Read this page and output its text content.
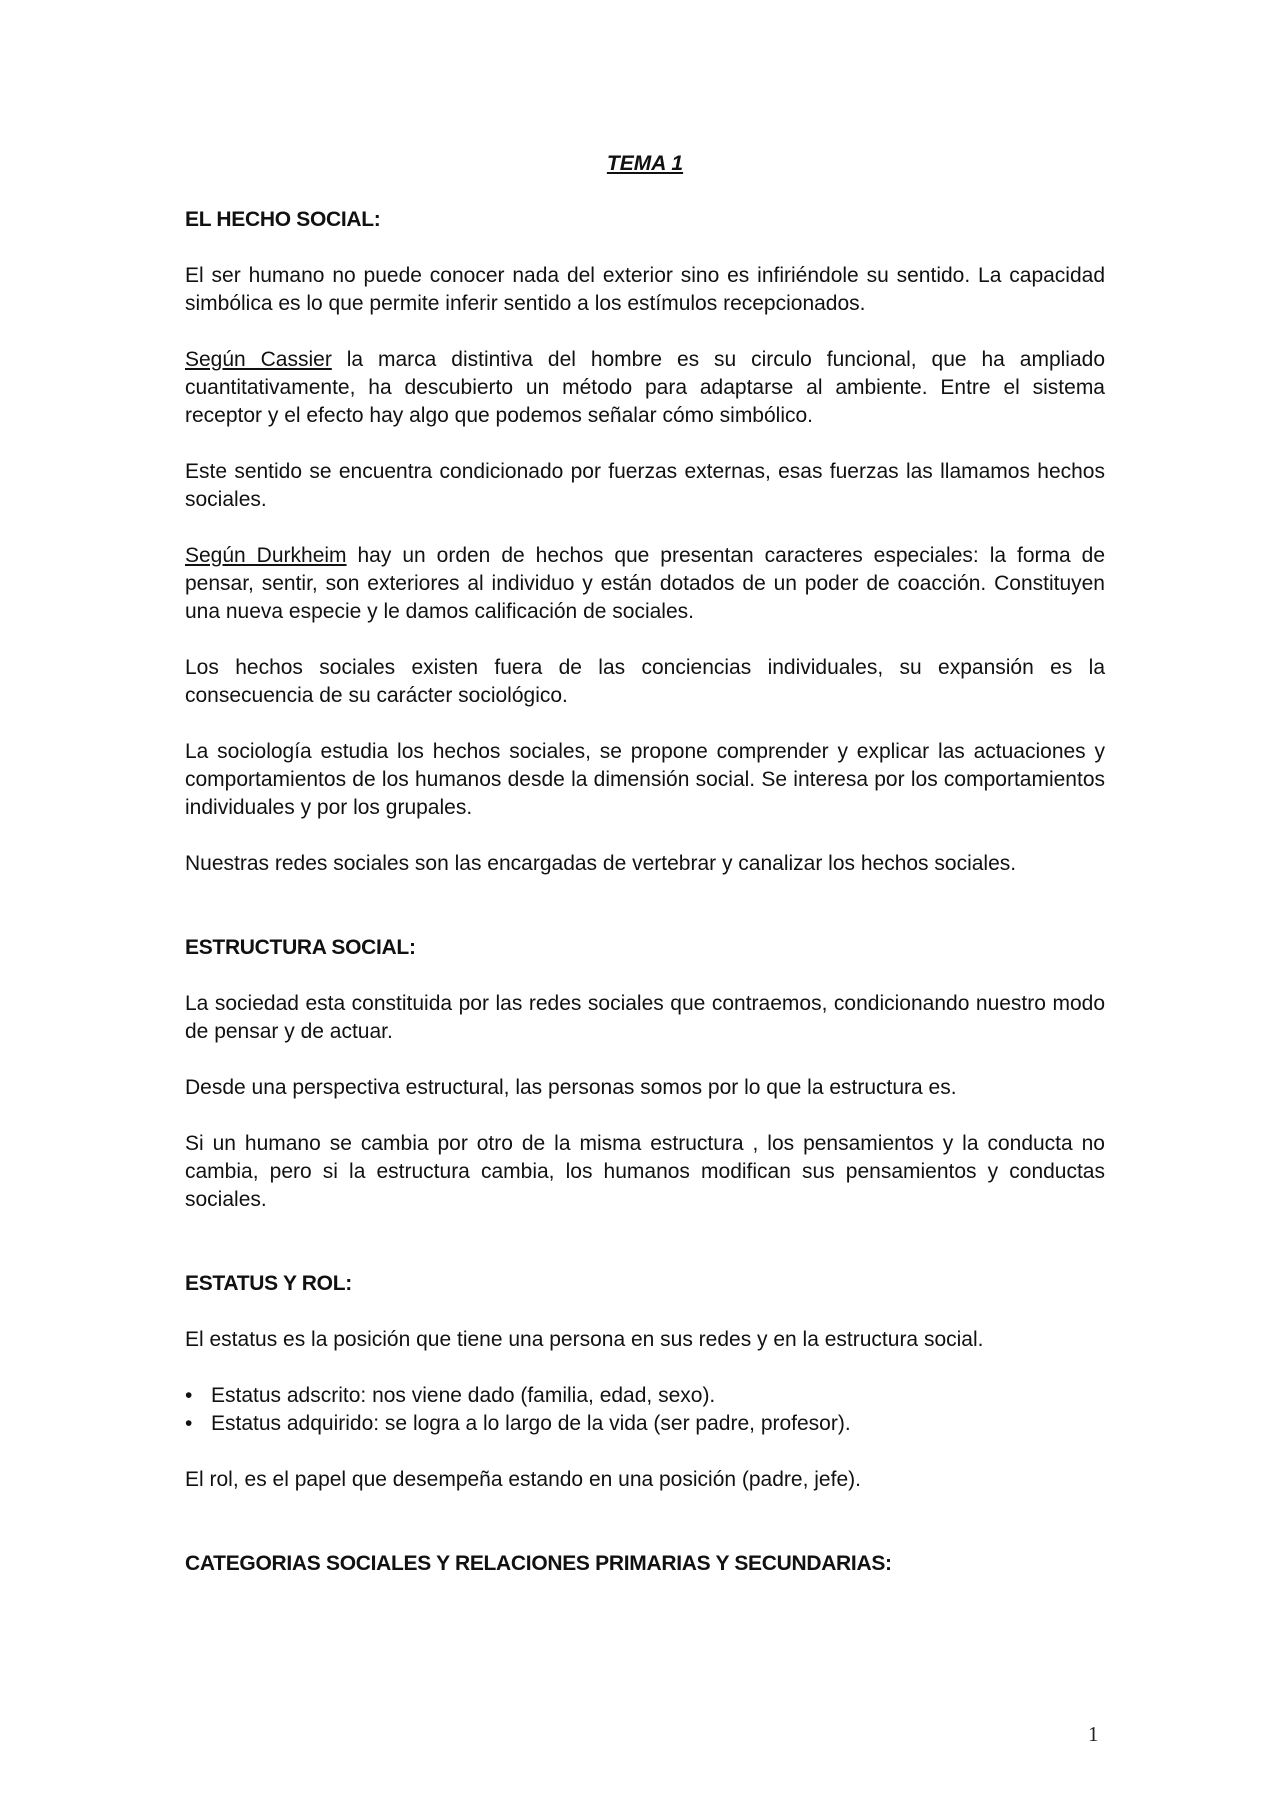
TEMA 1
EL HECHO SOCIAL:

El ser humano no puede conocer nada del exterior sino es infiriéndole su sentido. La capacidad simbólica es lo que permite inferir sentido a los estímulos recepcionados.

Según Cassier la marca distintiva del hombre es su circulo funcional, que ha ampliado cuantitativamente, ha descubierto un método para adaptarse al ambiente. Entre el sistema receptor y el efecto hay algo que podemos señalar cómo simbólico.

Este sentido se encuentra condicionado por fuerzas externas, esas fuerzas las llamamos hechos sociales.

Según Durkheim hay un orden de hechos que presentan caracteres especiales: la forma de pensar, sentir, son exteriores al individuo y están dotados de un poder de coacción. Constituyen una nueva especie y le damos calificación de sociales.

Los hechos sociales existen fuera de las conciencias individuales, su expansión es la consecuencia de su carácter sociológico.

La sociología estudia los hechos sociales, se propone comprender y explicar las actuaciones y comportamientos de los humanos desde la dimensión social. Se interesa por los comportamientos individuales y por los grupales.

Nuestras redes sociales son las encargadas de vertebrar y canalizar los hechos sociales.

ESTRUCTURA SOCIAL:

La sociedad esta constituida por las redes sociales que contraemos, condicionando nuestro modo de pensar y de actuar.

Desde una perspectiva estructural, las personas somos por lo que la estructura es.

Si un humano se cambia por otro de la misma estructura , los pensamientos y la conducta no cambia, pero si la estructura cambia, los humanos modifican sus pensamientos y conductas sociales.

ESTATUS Y ROL:

El estatus es la posición que tiene una persona en sus redes y en la estructura social.

• Estatus adscrito: nos viene dado (familia, edad, sexo).
• Estatus adquirido: se logra a lo largo de la vida (ser padre, profesor).

El rol, es el papel que desempeña estando en una posición (padre, jefe).

CATEGORIAS SOCIALES Y RELACIONES PRIMARIAS Y SECUNDARIAS:
1
